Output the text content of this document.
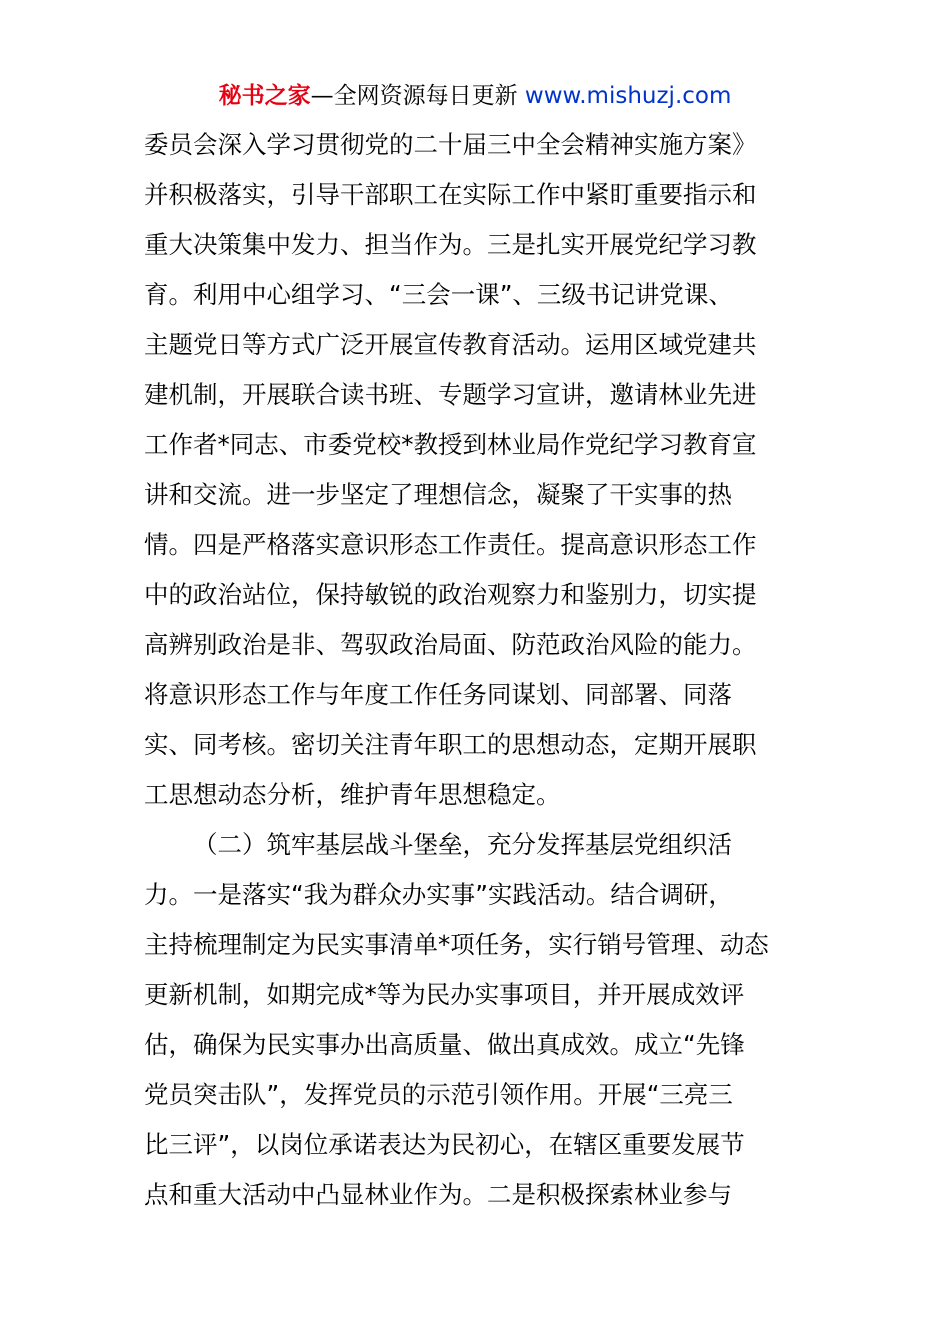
秘书之家—全网资源每日更新 www.mishuzj.com
委员会深入学习贯彻党的二十届三中全会精神实施方案》
并积极落实，引导干部职工在实际工作中紧盯重要指示和
重大决策集中发力、担当作为。三是扎实开展党纪学习教
育。利用中心组学习、“三会一课”、三级书记讲党课、
主题党日等方式广泛开展宣传教育活动。运用区域党建共
建机制，开展联合读书班、专题学习宣讲，邀请林业先进
工作者*同志、市委党校*教授到林业局作党纪学习教育宣
讲和交流。进一步坚定了理想信念，凝聚了干实事的热
情。四是严格落实意识形态工作责任。提高意识形态工作
中的政治站位，保持敏锐的政治观察力和鉴别力，切实提
高辨别政治是非、驾驭政治局面、防范政治风险的能力。
将意识形态工作与年度工作任务同谋划、同部署、同落
实、同考核。密切关注青年职工的思想动态，定期开展职
工思想动态分析，维护青年思想稳定。
（二）筑牢基层战斗堡垒，充分发挥基层党组织活
力。一是落实“我为群众办实事”实践活动。结合调研，
主持梳理制定为民实事清单*项任务，实行销号管理、动态
更新机制，如期完成*等为民办实事项目，并开展成效评
估，确保为民实事办出高质量、做出真成效。成立“先锋
党员突击队”，发挥党员的示范引领作用。开展“三亮三
比三评”，以岗位承诺表达为民初心，在辖区重要发展节
点和重大活动中凸显林业作为。二是积极探索林业参与
